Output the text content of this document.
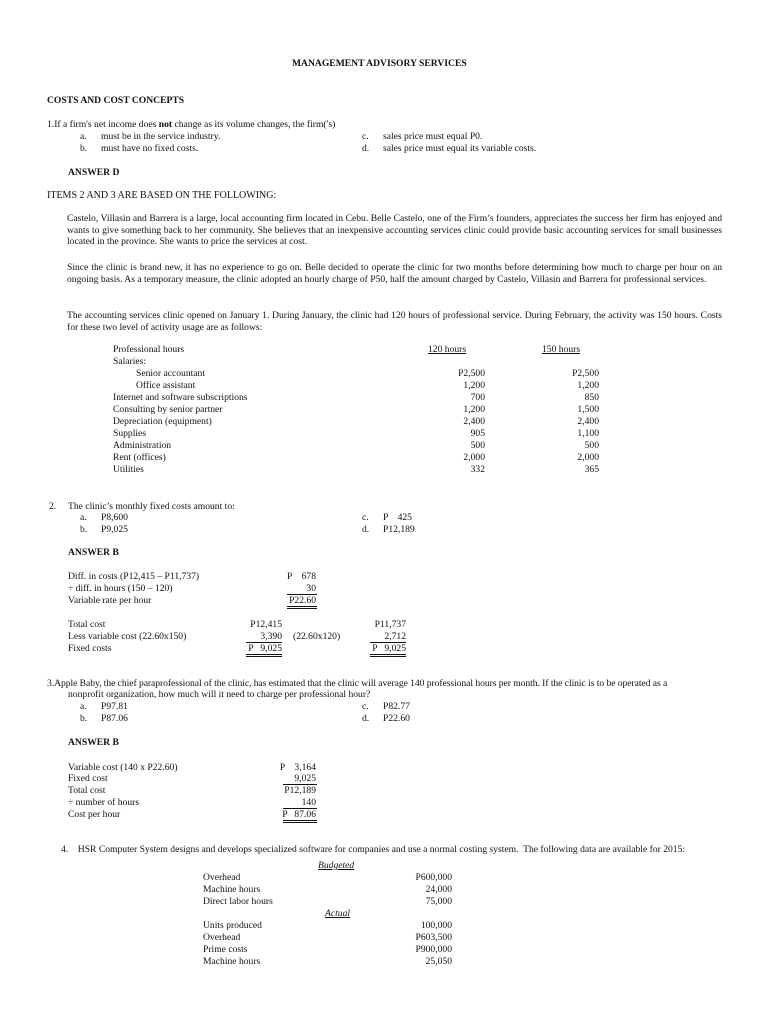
MANAGEMENT ADVISORY SERVICES
COSTS AND COST CONCEPTS
1.If a firm's net income does not change as its volume changes, the firm('s)
a. must be in the service industry.
b. must have no fixed costs.
c. sales price must equal P0.
d. sales price must equal its variable costs.
ANSWER D
ITEMS 2 AND 3 ARE BASED ON THE FOLLOWING:
Castelo, Villasin and Barrera is a large, local accounting firm located in Cebu. Belle Castelo, one of the Firm’s founders, appreciates the success her firm has enjoyed and wants to give something back to her community. She believes that an inexpensive accounting services clinic could provide basic accounting services for small businesses located in the province. She wants to price the services at cost.
Since the clinic is brand new, it has no experience to go on. Belle decided to operate the clinic for two months before determining how much to charge per hour on an ongoing basis. As a temporary measure, the clinic adopted an hourly charge of P50, half the amount charged by Castelo, Villasin and Barrera for professional services.
The accounting services clinic opened on January 1. During January, the clinic had 120 hours of professional service. During February, the activity was 150 hours. Costs for these two level of activity usage are as follows:
Professional hours	120 hours	150 hours
Salaries:
Senior accountant	P2,500	P2,500
Office assistant	1,200	1,200
Internet and software subscriptions	700	850
Consulting by senior partner	1,200	1,500
Depreciation (equipment)	2,400	2,400
Supplies	905	1,100
Administration	500	500
Rent (offices)	2,000	2,000
Utilities	332	365
2. The clinic’s monthly fixed costs amount to:
a. P8,600
b. P9,025
c. P    425
d. P12,189
ANSWER B
Diff. in costs (P12,415 – P11,737)	P    678
÷ diff. in hours (150 – 120)	30
Variable rate per hour	P22.60
Total cost	P12,415	P11,737
Less variable cost (22.60x150)	3,390 (22.60x120)	2,712
Fixed costs	P   9,025	P   9,025
3.Apple Baby, the chief paraprofessional of the clinic, has estimated that the clinic will average 140 professional hours per month. If the clinic is to be operated as a
nonprofit organization, how much will it need to charge per professional hour?
a. P97.81
b. P87.06
c. P82.77
d. P22.60
ANSWER B
Variable cost (140 x P22.60)	P    3,164
Fixed cost	9,025
Total cost	P12,189
÷ number of hours	140
Cost per hour	P   87.06
4.    HSR Computer System designs and develops specialized software for companies and use a normal costing system.  The following data are available for 2015:
Budgeted
Overhead	P600,000
Machine hours	24,000
Direct labor hours	75,000
Actual
Units produced	100,000
Overhead	P603,500
Prime costs	P900,000
Machine hours	25,050
